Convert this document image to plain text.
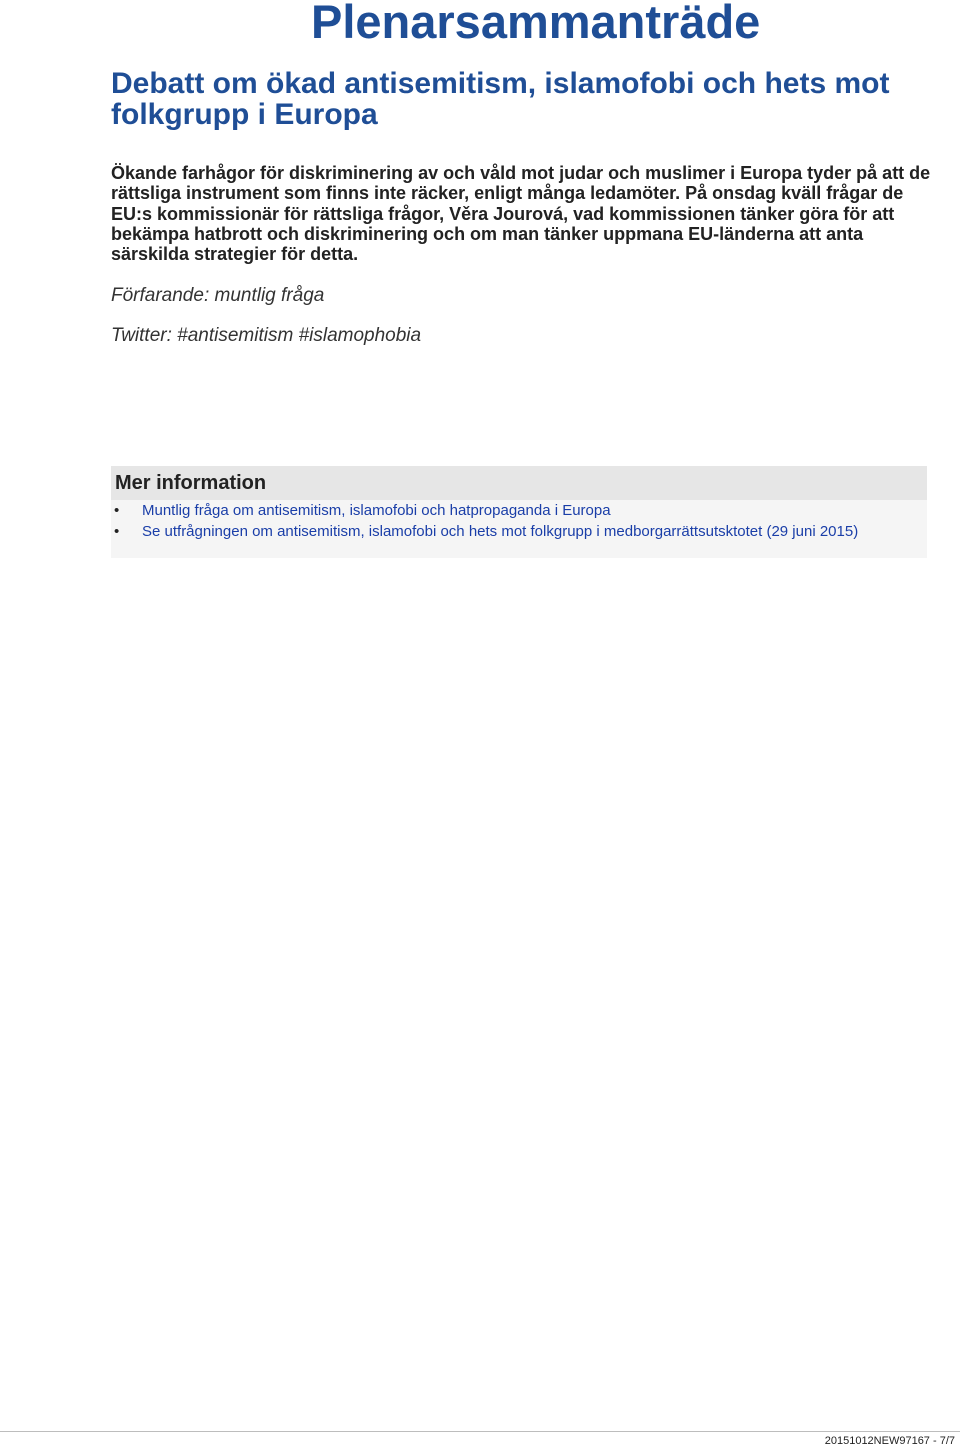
Plenarsammanträde
Debatt om ökad antisemitism, islamofobi och hets mot folkgrupp i Europa

Ökande farhågor för diskriminering av och våld mot judar och muslimer i Europa tyder på att de rättsliga instrument som finns inte räcker, enligt många ledamöter. På onsdag kväll frågar de EU:s kommissionär för rättsliga frågor, Věra Jourová, vad kommissionen tänker göra för att bekämpa hatbrott och diskriminering och om man tänker uppmana EU-länderna att anta särskilda strategier för detta.

Förfarande: muntlig fråga

Twitter: #antisemitism #islamophobia

Mer information
• Muntlig fråga om antisemitism, islamofobi och hatpropaganda i Europa
• Se utfrågningen om antisemitism, islamofobi och hets mot folkgrupp i medborgarrättsutsktotet (29 juni 2015)
20151012NEW97167 - 7/7
